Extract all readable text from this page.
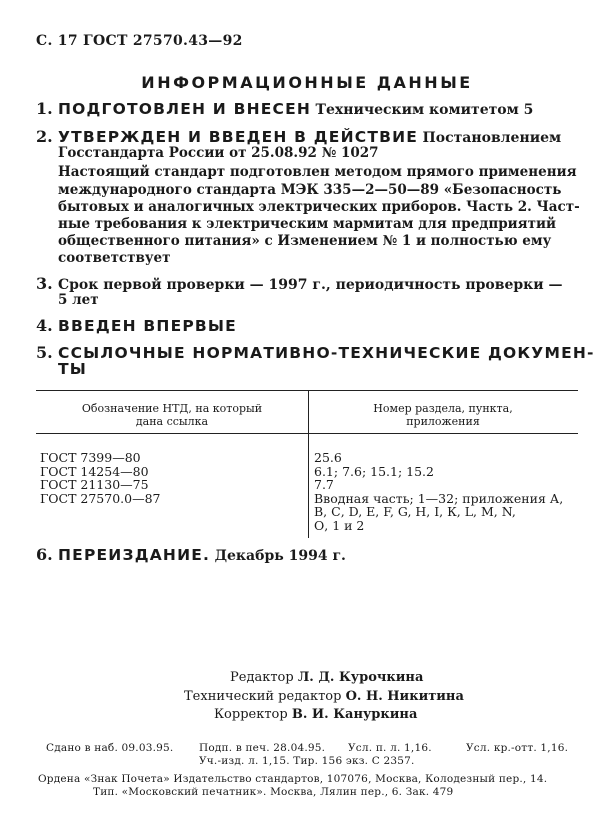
С. 17 ГОСТ 27570.43—92
ИНФОРМАЦИОННЫЕ ДАННЫЕ
1. ПОДГОТОВЛЕН И ВНЕСЕН Техническим комитетом 5
2. УТВЕРЖДЕН И ВВЕДЕН В ДЕЙСТВИЕ Постановлением
Госстандарта России от 25.08.92 № 1027
Настоящий стандарт подготовлен методом прямого применения
международного стандарта МЭК 335—2—50—89 «Безопасность
бытовых и аналогичных электрических приборов. Часть 2. Част-
ные требования к электрическим мармитам для предприятий
общественного питания» с Изменением № 1 и полностью ему
соответствует
3. Срок первой проверки — 1997 г., периодичность проверки —
5 лет
4. ВВЕДЕН ВПЕРВЫЕ
5. ССЫЛОЧНЫЕ НОРМАТИВНО-ТЕХНИЧЕСКИЕ ДОКУМЕН-
ТЫ
Обозначение НТД, на который
дана ссылка
Номер раздела, пункта,
приложения
ГОСТ 7399—80
ГОСТ 14254—80
ГОСТ 21130—75
ГОСТ 27570.0—87
25.6
6.1; 7.6; 15.1; 15.2
7.7
Вводная часть; 1—32; приложения А,
В, С, D, Е, F, G, Н, I, К, L, М, N,
О, 1 и 2
6. ПЕРЕИЗДАНИЕ. Декабрь 1994 г.
Редактор Л. Д. Курочкина
Технический редактор О. Н. Никитина
Корректор В. И. Кануркина
Сдано в наб. 09.03.95. Подп. в печ. 28.04.95. Усл. п. л. 1,16.	Усл. кр.-отт. 1,16.
Уч.-изд. л. 1,15. Тир. 156 экз. С 2357.
Ордена «Знак Почета» Издательство стандартов, 107076, Москва, Колодезный пер., 14.
Тип. «Московский печатник». Москва, Лялин пер., 6. Зак. 479
